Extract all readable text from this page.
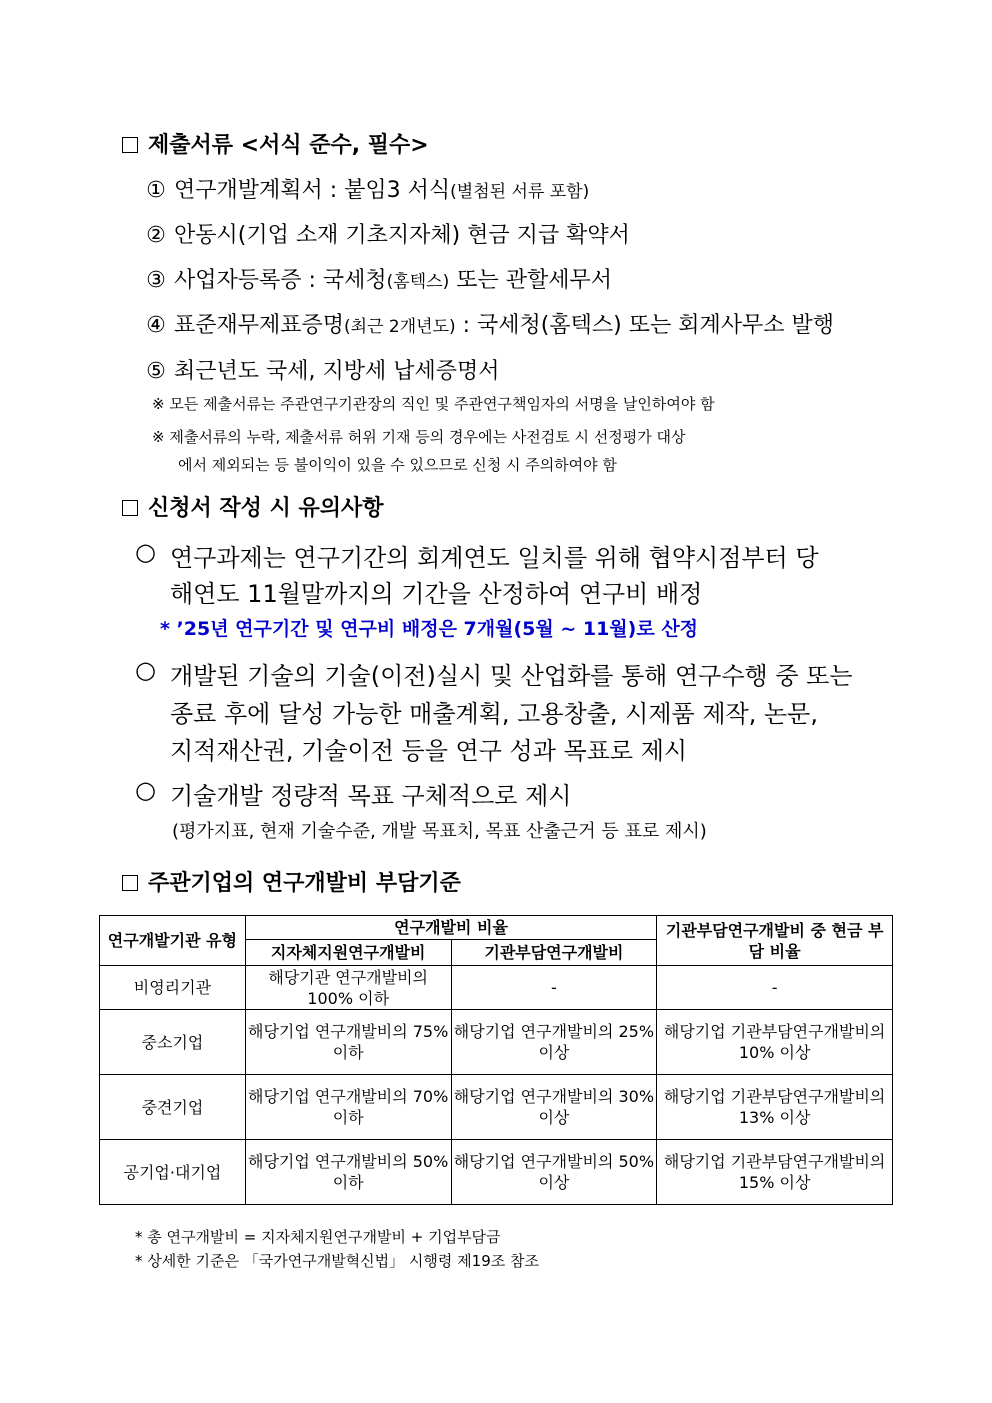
제출서류 <서식 준수, 필수>
① 연구개발계획서 : 붙임3 서식(별첨된 서류 포함)
② 안동시(기업 소재 기초지자체) 현금 지급 확약서
③ 사업자등록증 : 국세청(홈텍스) 또는 관할세무서
④ 표준재무제표증명(최근 2개년도) : 국세청(홈텍스) 또는 회계사무소 발행
⑤ 최근년도 국세, 지방세 납세증명서
※ 모든 제출서류는 주관연구기관장의 직인 및 주관연구책임자의 서명을 날인하여야 함
※ 제출서류의 누락, 제출서류 허위 기재 등의 경우에는 사전검토 시 선정평가 대상
에서 제외되는 등 불이익이 있을 수 있으므로 신청 시 주의하여야 함
신청서 작성 시 유의사항
○ 연구과제는 연구기간의 회계연도 일치를 위해 협약시점부터 당
해연도 11월말까지의 기간을 산정하여 연구비 배정
* ’25년 연구기간 및 연구비 배정은 7개월(5월 ~ 11월)로 산정
○ 개발된 기술의 기술(이전)실시 및 산업화를 통해 연구수행 중 또는
종료 후에 달성 가능한 매출계획, 고용창출, 시제품 제작, 논문,
지적재산권, 기술이전 등을 연구 성과 목표로 제시
○ 기술개발 정량적 목표 구체적으로 제시
(평가지표, 현재 기술수준, 개발 목표치, 목표 산출근거 등 표로 제시)
주관기업의 연구개발비 부담기준
연구개발기관 유형	연구개발비 비율		기관부담연구개발비 중 현금 부담 비율
	지자체지원연구개발비	기관부담연구개발비	
비영리기관	해당기관 연구개발비의 100% 이하	-	-
중소기업	해당기업 연구개발비의 75%이하	해당기업 연구개발비의 25% 이상	해당기업 기관부담연구개발비의 10% 이상
중견기업	해당기업 연구개발비의 70%이하	해당기업 연구개발비의 30% 이상	해당기업 기관부담연구개발비의 13% 이상
공기업·대기업	해당기업 연구개발비의 50%이하	해당기업 연구개발비의 50% 이상	해당기업 기관부담연구개발비의 15% 이상
* 총 연구개발비 = 지자체지원연구개발비 + 기업부담금
* 상세한 기준은 「국가연구개발혁신법」 시행령 제19조 참조
